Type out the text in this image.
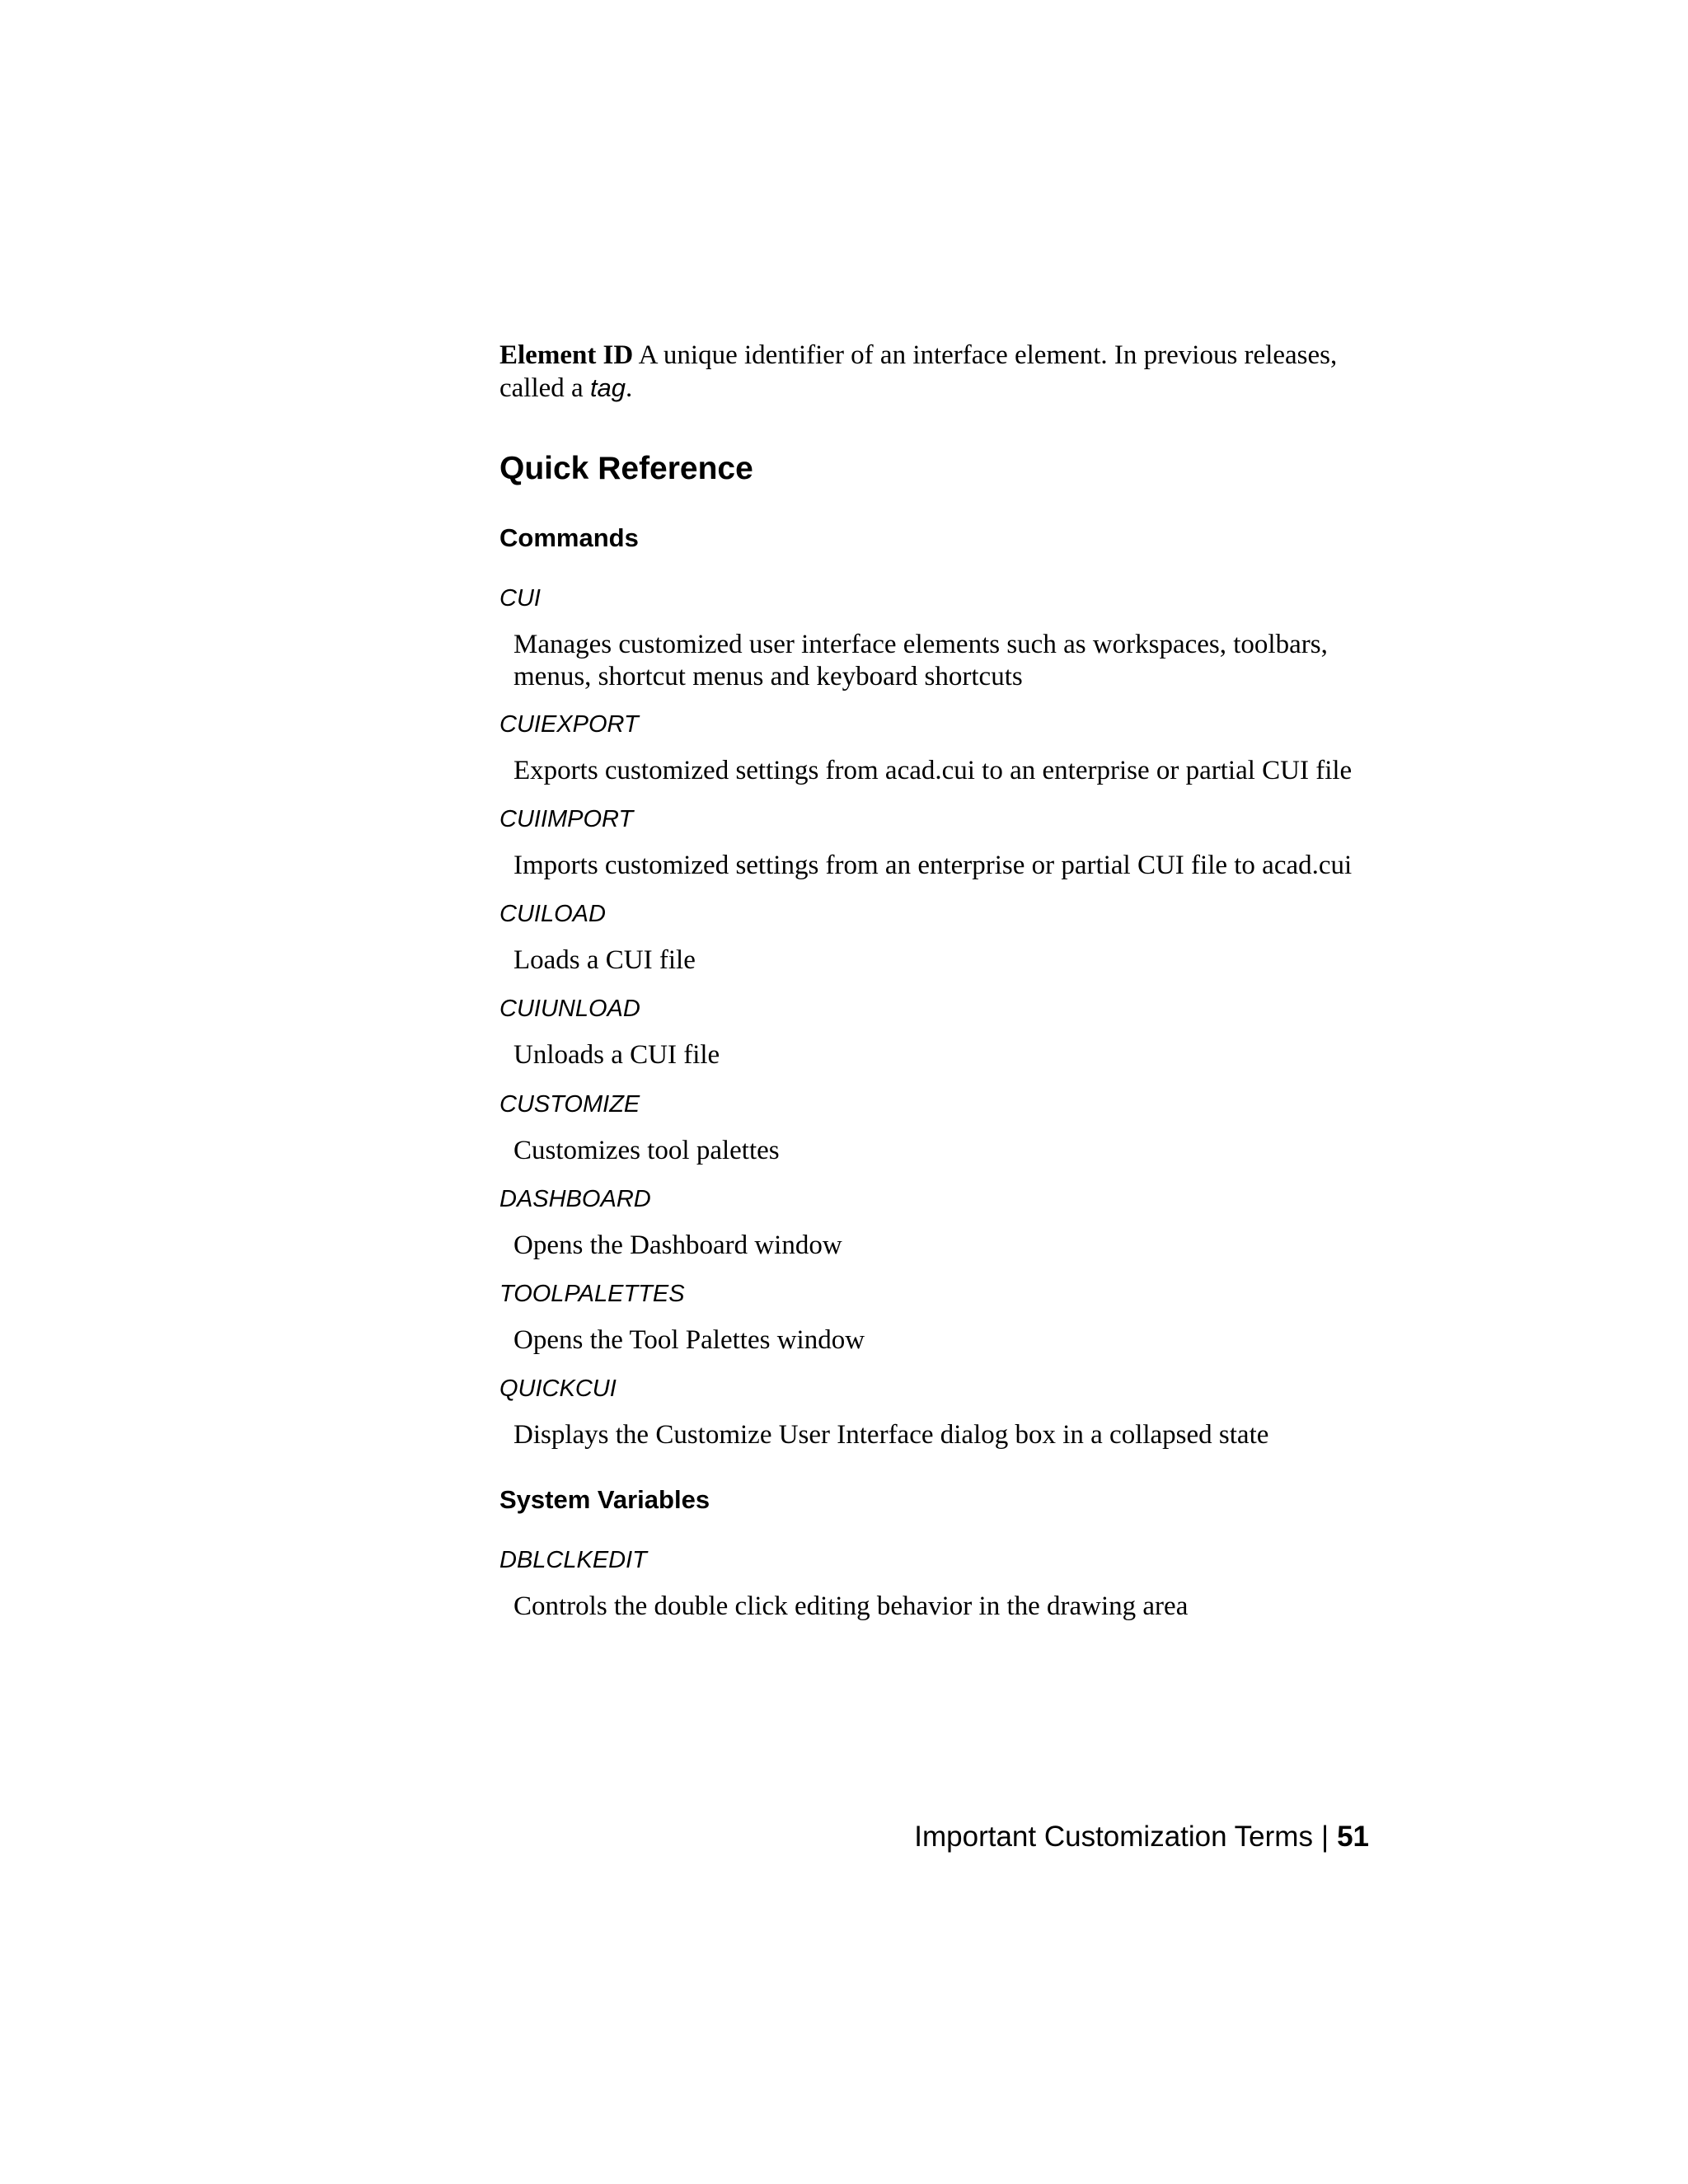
Element ID A unique identifier of an interface element. In previous releases, called a tag.

Quick Reference
Commands
CUI
Manages customized user interface elements such as workspaces, toolbars, menus, shortcut menus and keyboard shortcuts
CUIEXPORT
Exports customized settings from acad.cui to an enterprise or partial CUI file
CUIIMPORT
Imports customized settings from an enterprise or partial CUI file to acad.cui
CUILOAD
Loads a CUI file
CUIUNLOAD
Unloads a CUI file
CUSTOMIZE
Customizes tool palettes
DASHBOARD
Opens the Dashboard window
TOOLPALETTES
Opens the Tool Palettes window
QUICKCUI
Displays the Customize User Interface dialog box in a collapsed state
System Variables
DBLCLKEDIT
Controls the double click editing behavior in the drawing area
Important Customization Terms | 51
